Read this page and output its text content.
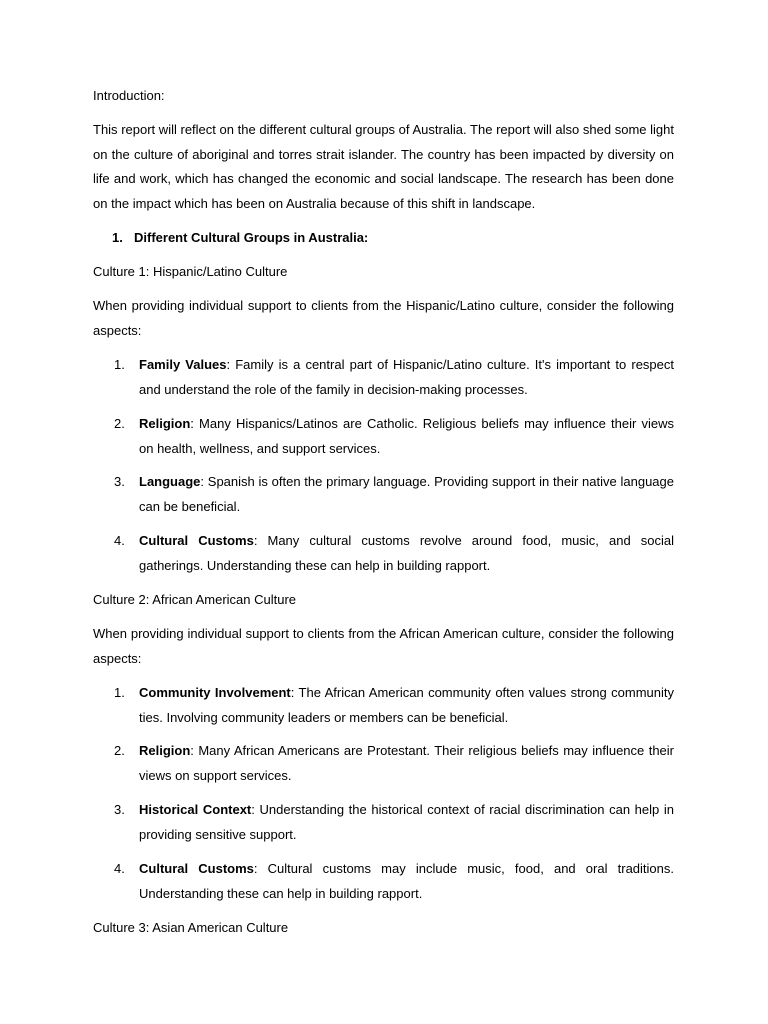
Introduction:

This report will reflect on the different cultural groups of Australia. The report will also shed some light on the culture of aboriginal and torres strait islander. The country has been impacted by diversity on life and work, which has changed the economic and social landscape. The research has been done on the impact which has been on Australia because of this shift in landscape.

1. Different Cultural Groups in Australia:

Culture 1: Hispanic/Latino Culture

When providing individual support to clients from the Hispanic/Latino culture, consider the following aspects:

1. Family Values: Family is a central part of Hispanic/Latino culture. It's important to respect and understand the role of the family in decision-making processes.
2. Religion: Many Hispanics/Latinos are Catholic. Religious beliefs may influence their views on health, wellness, and support services.
3. Language: Spanish is often the primary language. Providing support in their native language can be beneficial.
4. Cultural Customs: Many cultural customs revolve around food, music, and social gatherings. Understanding these can help in building rapport.

Culture 2: African American Culture

When providing individual support to clients from the African American culture, consider the following aspects:

1. Community Involvement: The African American community often values strong community ties. Involving community leaders or members can be beneficial.
2. Religion: Many African Americans are Protestant. Their religious beliefs may influence their views on support services.
3. Historical Context: Understanding the historical context of racial discrimination can help in providing sensitive support.
4. Cultural Customs: Cultural customs may include music, food, and oral traditions. Understanding these can help in building rapport.

Culture 3: Asian American Culture
